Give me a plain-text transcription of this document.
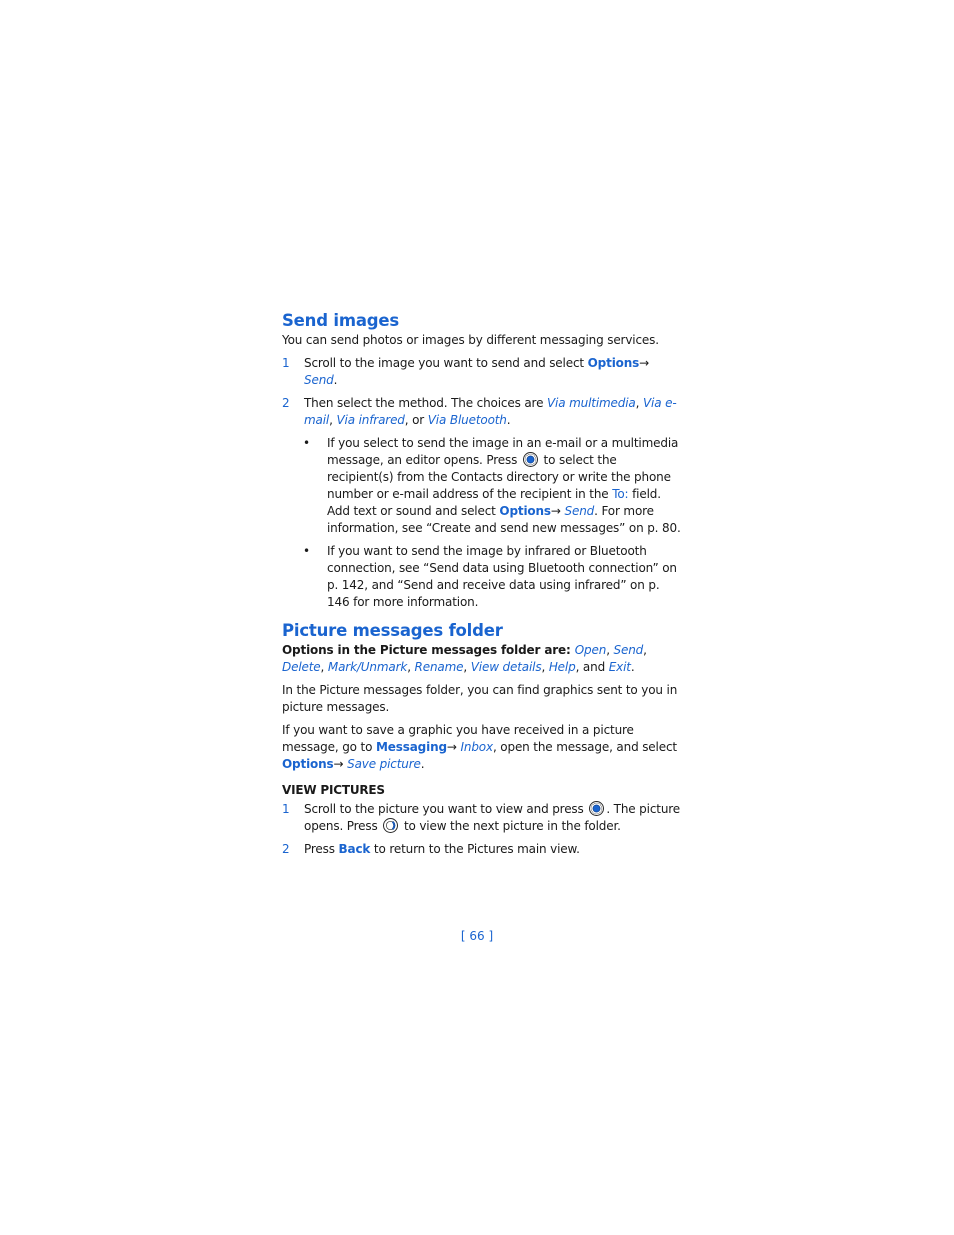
Send images

You can send photos or images by different messaging services.

1 Scroll to the image you want to send and select Options→ Send.
2 Then select the method. The choices are Via multimedia, Via e-mail, Via infrared, or Via Bluetooth.
• If you select to send the image in an e-mail or a multimedia message, an editor opens. Press
to select the recipient(s) from the Contacts directory or write the phone number or e-mail address of the recipient in the To: field. Add text or sound and select Options→ Send. For more information, see “Create and send new messages” on p. 80.
• If you want to send the image by infrared or Bluetooth connection, see “Send data using Bluetooth connection” on p. 142, and “Send and receive data using infrared” on p. 146 for more information.
Picture messages folder

Options in the Picture messages folder are: Open, Send, Delete, Mark/Unmark, Rename, View details, Help, and Exit.

In the Picture messages folder, you can find graphics sent to you in picture messages.

If you want to save a graphic you have received in a picture message, go to Messaging→ Inbox, open the message, and select Options→ Save picture.

VIEW PICTURES
1 Scroll to the picture you want to view and press
. The picture opens. Press
to view the next picture in the folder.
2 Press Back to return to the Pictures main view.
[ 66 ]
